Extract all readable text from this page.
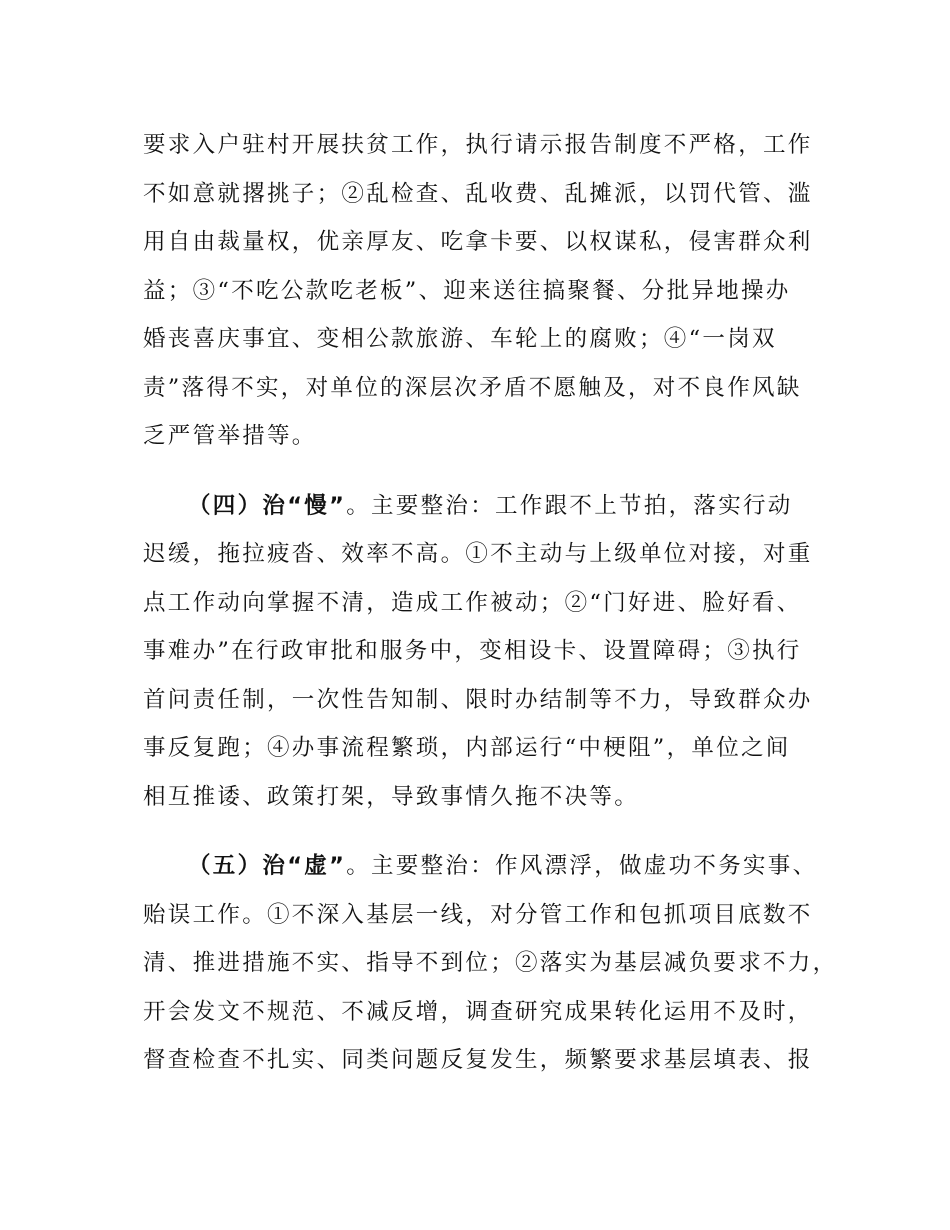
要求入户驻村开展扶贫工作，执行请示报告制度不严格，工作
不如意就撂挑子；②乱检查、乱收费、乱摊派，以罚代管、滥
用自由裁量权，优亲厚友、吃拿卡要、以权谋私，侵害群众利
益；③“不吃公款吃老板”、迎来送往搞聚餐、分批异地操办
婚丧喜庆事宜、变相公款旅游、车轮上的腐败；④“一岗双
责”落得不实，对单位的深层次矛盾不愿触及，对不良作风缺
乏严管举措等。
（四）治“慢”。主要整治：工作跟不上节拍，落实行动
迟缓，拖拉疲沓、效率不高。①不主动与上级单位对接，对重
点工作动向掌握不清，造成工作被动；②“门好进、脸好看、
事难办”在行政审批和服务中，变相设卡、设置障碍；③执行
首问责任制，一次性告知制、限时办结制等不力，导致群众办
事反复跑；④办事流程繁琐，内部运行“中梗阻”，单位之间
相互推诿、政策打架，导致事情久拖不决等。
（五）治“虚”。主要整治：作风漂浮，做虚功不务实事、
贻误工作。①不深入基层一线，对分管工作和包抓项目底数不
清、推进措施不实、指导不到位；②落实为基层减负要求不力，
开会发文不规范、不减反增，调查研究成果转化运用不及时，
督查检查不扎实、同类问题反复发生，频繁要求基层填表、报
